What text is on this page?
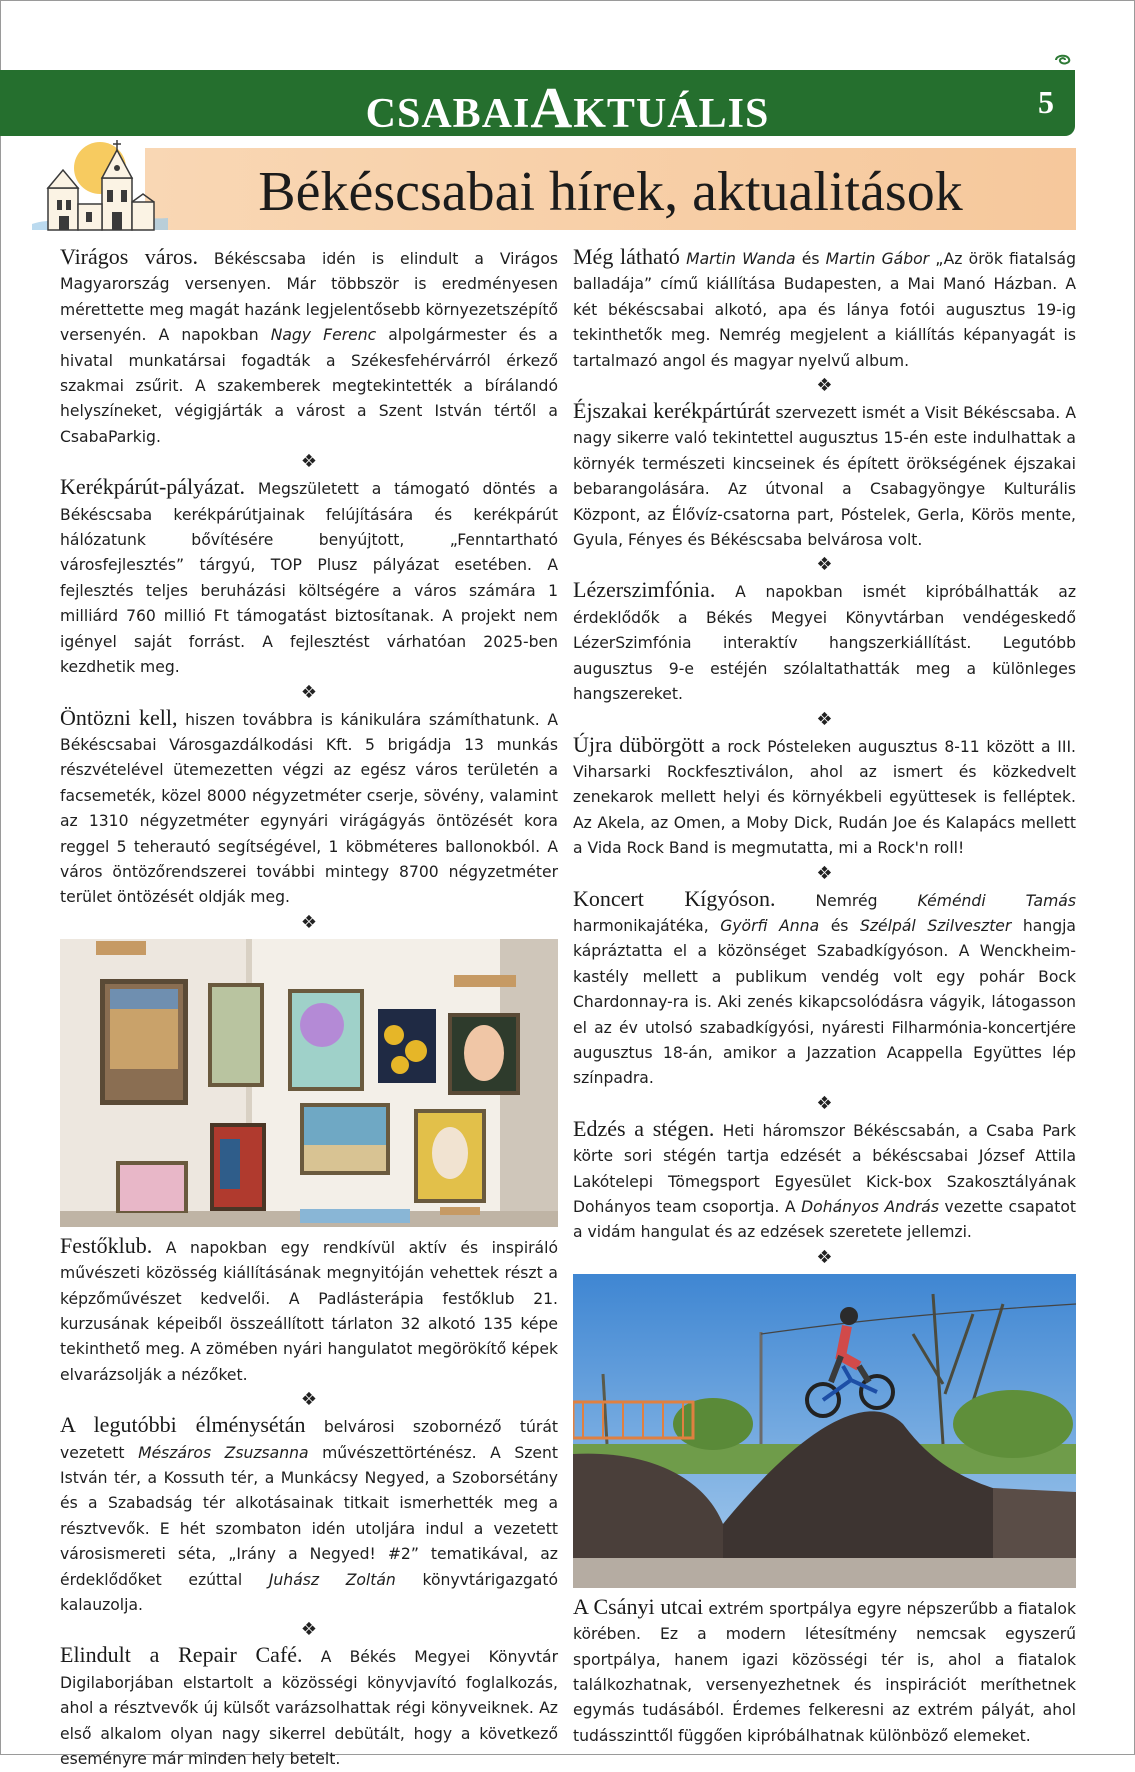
CSABAIAKTUÁLIS	5
Békéscsabai hírek, aktualitások

Virágos város. Békéscsaba idén is elindult a Virágos Magyarország versenyen. Már többször is eredményesen mérettette meg magát hazánk legjelentősebb környezetszépítő versenyén. A napokban Nagy Ferenc alpolgármester és a hivatal munkatársai fogadták a Székesfehérvárról érkező szakmai zsűrit. A szakemberek megtekintették a bírálandó helyszíneket, végigjárták a várost a Szent István tértől a CsabaParkig.

❖

Kerékpárút-pályázat. Megszületett a támogató döntés a Békéscsaba kerékpárútjainak felújítására és kerékpárút hálózatunk bővítésére benyújtott, „Fenntartható városfejlesztés” tárgyú, TOP Plusz pályázat esetében. A fejlesztés teljes beruházási költségére a város számára 1 milliárd 760 millió Ft támogatást biztosítanak. A projekt nem igényel saját forrást. A fejlesztést várhatóan 2025-ben kezdhetik meg.

❖

Öntözni kell, hiszen továbbra is kánikulára számíthatunk. A Békéscsabai Városgazdálkodási Kft. 5 brigádja 13 munkás részvételével ütemezetten végzi az egész város területén a facsemeték, közel 8000 négyzetméter cserje, sövény, valamint az 1310 négyzetméter egynyári virágágyás öntözését kora reggel 5 teherautó segítségével, 1 köbméteres ballonokból. A város öntözőrendszerei további mintegy 8700 négyzetméter terület öntözését oldják meg.

❖

Festőklub. A napokban egy rendkívül aktív és inspiráló művészeti közösség kiállításának megnyitóján vehettek részt a képzőművészet kedvelői. A Padlásterápia festőklub 21. kurzusának képeiből összeállított tárlaton 32 alkotó 135 képe tekinthető meg. A zömében nyári hangulatot megörökítő képek elvarázsolják a nézőket.

❖

A legutóbbi élménysétán belvárosi szobornéző túrát vezetett Mészáros Zsuzsanna művészettörténész. A Szent István tér, a Kossuth tér, a Munkácsy Negyed, a Szoborsétány és a Szabadság tér alkotásainak titkait ismerhették meg a résztvevők. E hét szombaton idén utoljára indul a vezetett városismereti séta, „Irány a Negyed! #2” tematikával, az érdeklődőket ezúttal Juhász Zoltán könyvtárigazgató kalauzolja.

❖

Elindult a Repair Café. A Békés Megyei Könyvtár Digilaborjában elstartolt a közösségi könyvjavító foglalkozás, ahol a résztvevők új külsőt varázsolhattak régi könyveiknek. Az első alkalom olyan nagy sikerrel debütált, hogy a következő eseményre már minden hely betelt.

Még látható Martin Wanda és Martin Gábor „Az örök fiatalság balladája” című kiállítása Budapesten, a Mai Manó Házban. A két békéscsabai alkotó, apa és lánya fotói augusztus 19-ig tekinthetők meg. Nemrég megjelent a kiállítás képanyagát is tartalmazó angol és magyar nyelvű album.

❖

Éjszakai kerékpártúrát szervezett ismét a Visit Békéscsaba. A nagy sikerre való tekintettel augusztus 15-én este indulhattak a környék természeti kincseinek és épített örökségének éjszakai bebarangolására. Az útvonal a Csabagyöngye Kulturális Központ, az Élővíz-csatorna part, Póstelek, Gerla, Körös mente, Gyula, Fényes és Békéscsaba belvárosa volt.

❖

Lézerszimfónia. A napokban ismét kipróbálhatták az érdeklődők a Békés Megyei Könyvtárban vendégeskedő LézerSzimfónia interaktív hangszerkiállítást. Legutóbb augusztus 9-e estéjén szólaltathatták meg a különleges hangszereket.

❖

Újra dübörgött a rock Pósteleken augusztus 8-11 között a III. Viharsarki Rockfesztiválon, ahol az ismert és közkedvelt zenekarok mellett helyi és környékbeli együttesek is felléptek. Az Akela, az Omen, a Moby Dick, Rudán Joe és Kalapács mellett a Vida Rock Band is megmutatta, mi a Rock'n roll!

❖

Koncert Kígyóson. Nemrég Kéméndi Tamás harmonikajátéka, Györfi Anna és Szélpál Szilveszter hangja kápráztatta el a közönséget Szabadkígyóson. A Wenckheim-kastély mellett a publikum vendég volt egy pohár Bock Chardonnay-ra is. Aki zenés kikapcsolódásra vágyik, látogasson el az év utolsó szabadkígyósi, nyáresti Filharmónia-koncertjére augusztus 18-án, amikor a Jazzation Acappella Együttes lép színpadra.

❖

Edzés a stégen. Heti háromszor Békéscsabán, a Csaba Park körte sori stégén tartja edzését a békéscsabai József Attila Lakótelepi Tömegsport Egyesület Kick-box Szakosztályának Dohányos team csoportja. A Dohányos András vezette csapatot a vidám hangulat és az edzések szeretete jellemzi.

❖

A Csányi utcai extrém sportpálya egyre népszerűbb a fiatalok körében. Ez a modern létesítmény nemcsak egyszerű sportpálya, hanem igazi közösségi tér is, ahol a fiatalok találkozhatnak, versenyezhetnek és inspirációt meríthetnek egymás tudásából. Érdemes felkeresni az extrém pályát, ahol tudásszinttől függően kipróbálhatnak különböző elemeket.
